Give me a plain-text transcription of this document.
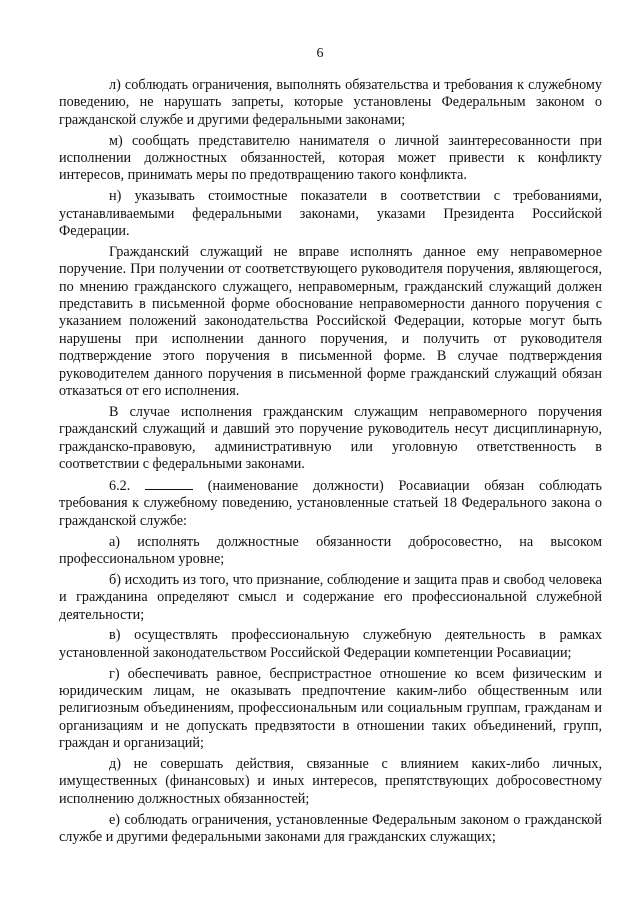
6

л) соблюдать ограничения, выполнять обязательства и требования к служебному поведению, не нарушать запреты, которые установлены Федеральным законом о гражданской службе и другими федеральными законами;

м) сообщать представителю нанимателя о личной заинтересованности при исполнении должностных обязанностей, которая может привести к конфликту интересов, принимать меры по предотвращению такого конфликта.

н) указывать стоимостные показатели в соответствии с требованиями, устанавливаемыми федеральными законами, указами Президента Российской Федерации.

Гражданский служащий не вправе исполнять данное ему неправомерное поручение. При получении от соответствующего руководителя поручения, являющегося, по мнению гражданского служащего, неправомерным, гражданский служащий должен представить в письменной форме обоснование неправомерности данного поручения с указанием положений законодательства Российской Федерации, которые могут быть нарушены при исполнении данного поручения, и получить от руководителя подтверждение этого поручения в письменной форме. В случае подтверждения руководителем данного поручения в письменной форме гражданский служащий обязан отказаться от его исполнения.

В случае исполнения гражданским служащим неправомерного поручения гражданский служащий и давший это поручение руководитель несут дисциплинарную, гражданско-правовую, административную или уголовную ответственность в соответствии с федеральными законами.

6.2.	(наименование должности) Росавиации обязан соблюдать требования к служебному поведению, установленные статьей 18 Федерального закона о гражданской службе:

а) исполнять должностные обязанности добросовестно, на высоком профессиональном уровне;

б) исходить из того, что признание, соблюдение и защита прав и свобод человека и гражданина определяют смысл и содержание его профессиональной служебной деятельности;

в) осуществлять профессиональную служебную деятельность в рамках установленной законодательством Российской Федерации компетенции Росавиации;

г) обеспечивать равное, беспристрастное отношение ко всем физическим и юридическим лицам, не оказывать предпочтение каким-либо общественным или религиозным объединениям, профессиональным или социальным группам, гражданам и организациям и не допускать предвзятости в отношении таких объединений, групп, граждан и организаций;

д) не совершать действия, связанные с влиянием каких-либо личных, имущественных (финансовых) и иных интересов, препятствующих добросовестному исполнению должностных обязанностей;

е) соблюдать ограничения, установленные Федеральным законом о гражданской службе и другими федеральными законами для гражданских служащих;
